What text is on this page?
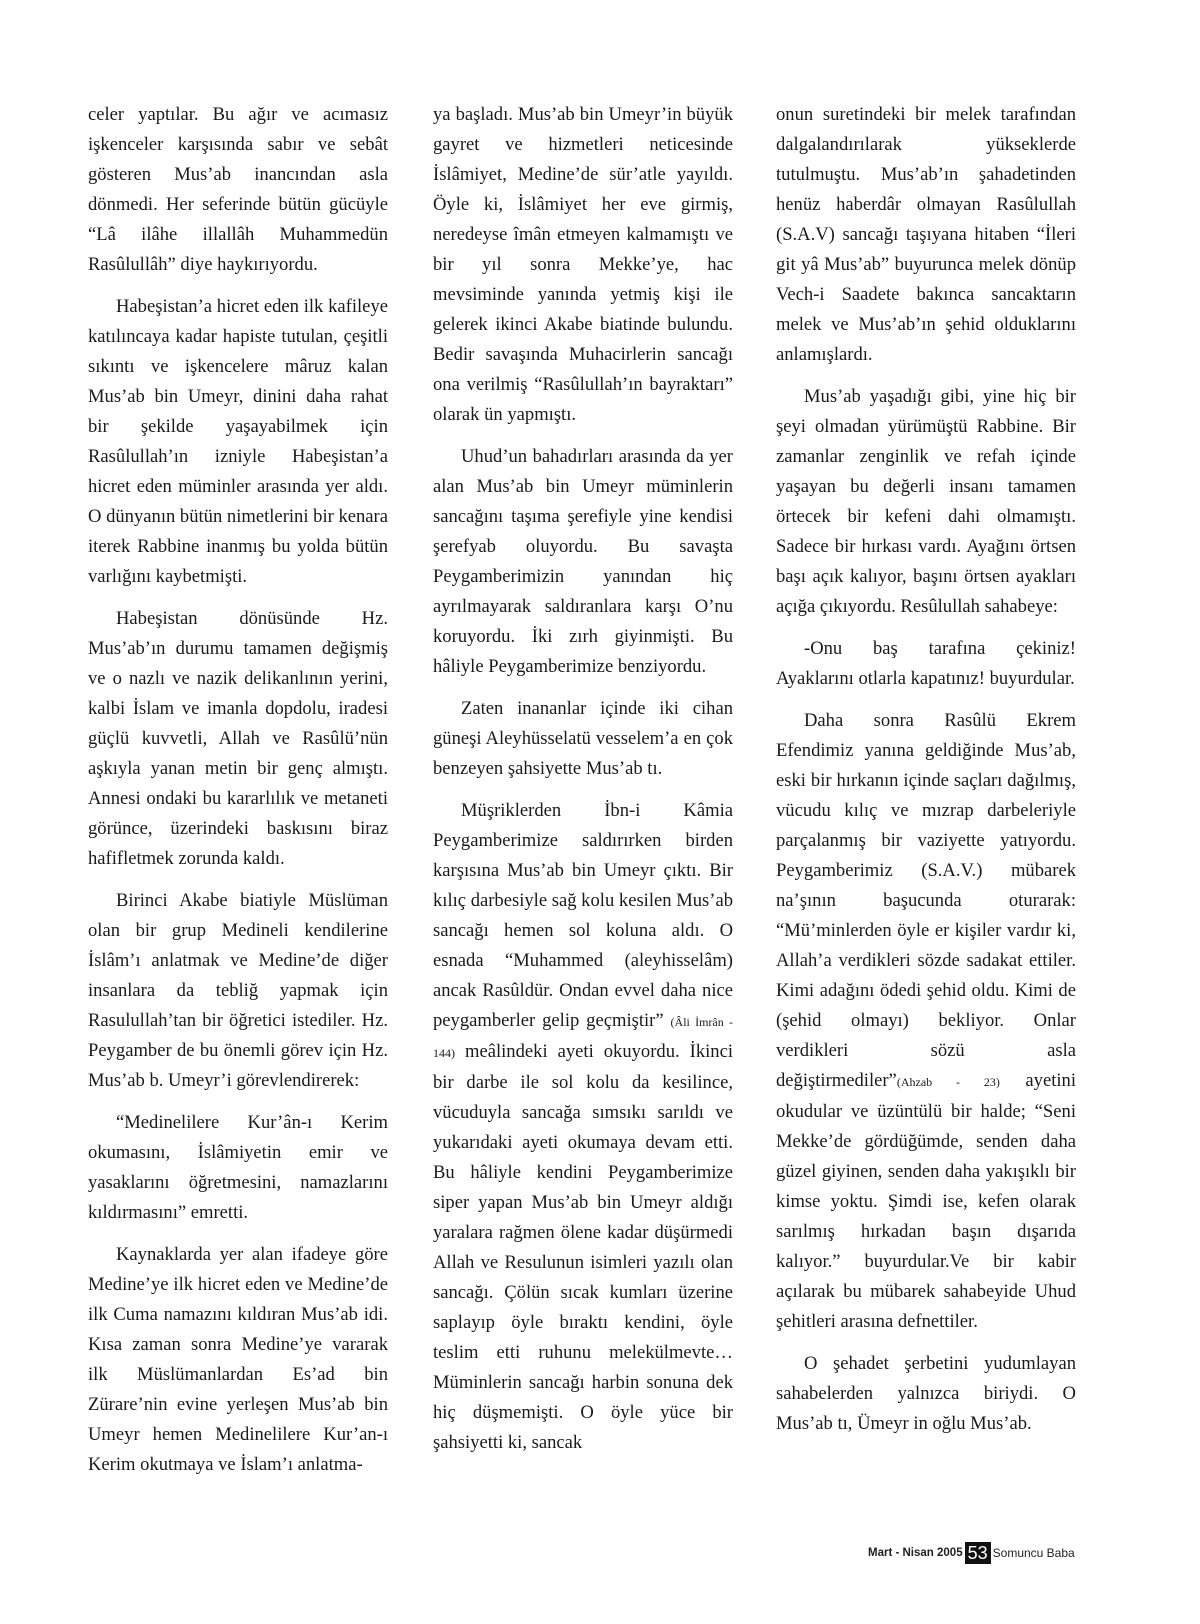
celer yaptılar. Bu ağır ve acımasız işkenceler karşısında sabır ve sebât gösteren Mus’ab inancından asla dönmedi. Her seferinde bütün gücüyle “Lâ ilâhe illallâh Muhammedün Rasûlullâh” diye haykırıyordu.

Habeşistan’a hicret eden ilk kafileye katılıncaya kadar hapiste tutulan, çeşitli sıkıntı ve işkencelere mâruz kalan Mus’ab bin Umeyr, dinini daha rahat bir şekilde yaşayabilmek için Rasûlullah’ın izniyle Habeşistan’a hicret eden müminler arasında yer aldı. O dünyanın bütün nimetlerini bir kenara iterek Rabbine inanmış bu yolda bütün varlığını kaybetmişti.

Habeşistan dönüsünde Hz. Mus’ab’ın durumu tamamen değişmiş ve o nazlı ve nazik delikanlının yerini, kalbi İslam ve imanla dopdolu, iradesi güçlü kuvvetli, Allah ve Rasûlü’nün aşkıyla yanan metin bir genç almıştı. Annesi ondaki bu kararlılık ve metaneti görünce, üzerindeki baskısını biraz hafifletmek zorunda kaldı.

Birinci Akabe biatiyle Müslüman olan bir grup Medineli kendilerine İslâm’ı anlatmak ve Medine’de diğer insanlara da tebliğ yapmak için Rasulullah’tan bir öğretici istediler. Hz. Peygamber de bu önemli görev için Hz. Mus’ab b. Umeyr’i görevlendirerek:

“Medinelilere Kur’ân-ı Kerim okumasını, İslâmiyetin emir ve yasaklarını öğretmesini, namazlarını kıldırmasını” emretti.

Kaynaklarda yer alan ifadeye göre Medine’ye ilk hicret eden ve Medine’de ilk Cuma namazını kıldıran Mus’ab idi. Kısa zaman sonra Medine’ye vararak ilk Müslümanlardan Es’ad bin Zürare’nin evine yerleşen Mus’ab bin Umeyr hemen Medinelilere Kur’an-ı Kerim okutmaya ve İslam’ı anlatma-

ya başladı. Mus’ab bin Umeyr’in büyük gayret ve hizmetleri neticesinde İslâmiyet, Medine’de sür’atle yayıldı. Öyle ki, İslâmiyet her eve girmiş, neredeyse îmân etmeyen kalmamıştı ve bir yıl sonra Mekke’ye, hac mevsiminde yanında yetmiş kişi ile gelerek ikinci Akabe biatinde bulundu. Bedir savaşında Muhacirlerin sancağı ona verilmiş “Rasûlullah’ın bayraktarı” olarak ün yapmıştı.

Uhud’un bahadırları arasında da yer alan Mus’ab bin Umeyr müminlerin sancağını taşıma şerefiyle yine kendisi şerefyab oluyordu. Bu savaşta Peygamberimizin yanından hiç ayrılmayarak saldıranlara karşı O’nu koruyordu. İki zırh giyinmişti. Bu hâliyle Peygamberimize benziyordu.

Zaten inananlar içinde iki cihan güneşi Aleyhüsselatü vesselem’a en çok benzeyen şahsiyette Mus’ab tı.

Müşriklerden İbn-i Kâmia Peygamberimize saldırırken birden karşısına Mus’ab bin Umeyr çıktı. Bir kılıç darbesiyle sağ kolu kesilen Mus’ab sancağı hemen sol koluna aldı. O esnada “Muhammed (aleyhisselâm) ancak Rasûldür. Ondan evvel daha nice peygamberler gelip geçmiştir” (Âli İmrân - 144) meâlindeki ayeti okuyordu. İkinci bir darbe ile sol kolu da kesilince, vücuduyla sancağa sımsıkı sarıldı ve yukarıdaki ayeti okumaya devam etti. Bu hâliyle kendini Peygamberimize siper yapan Mus’ab bin Umeyr aldığı yaralara rağmen ölene kadar düşürmedi Allah ve Resulunun isimleri yazılı olan sancağı. Çölün sıcak kumları üzerine saplayıp öyle bıraktı kendini, öyle teslim etti ruhunu melekülmevte… Müminlerin sancağı harbin sonuna dek hiç düşmemişti. O öyle yüce bir şahsiyetti ki, sancak

onun suretindeki bir melek tarafından dalgalandırılarak yükseklerde tutulmuştu. Mus’ab’ın şahadetinden henüz haberdâr olmayan Rasûlullah (S.A.V) sancağı taşıyana hitaben “İleri git yâ Mus’ab” buyurunca melek dönüp Vech-i Saadete bakınca sancaktarın melek ve Mus’ab’ın şehid olduklarını anlamışlardı.

Mus’ab yaşadığı gibi, yine hiç bir şeyi olmadan yürümüştü Rabbine. Bir zamanlar zenginlik ve refah içinde yaşayan bu değerli insanı tamamen örtecek bir kefeni dahi olmamıştı. Sadece bir hırkası vardı. Ayağını örtsen başı açık kalıyor, başını örtsen ayakları açığa çıkıyordu. Resûlullah sahabeye:

-Onu baş tarafına çekiniz! Ayaklarını otlarla kapatınız! buyurdular.

Daha sonra Rasûlü Ekrem Efendimiz yanına geldiğinde Mus’ab, eski bir hırkanın içinde saçları dağılmış, vücudu kılıç ve mızrap darbeleriyle parçalanmış bir vaziyette yatıyordu. Peygamberimiz (S.A.V.) mübarek na’şının başucunda oturarak: “Mü’minlerden öyle er kişiler vardır ki, Allah’a verdikleri sözde sadakat ettiler. Kimi adağını ödedi şehid oldu. Kimi de (şehid olmayı) bekliyor. Onlar verdikleri sözü asla değiştirmediler”(Ahzab - 23) ayetini okudular ve üzüntülü bir halde; “Seni Mekke’de gördüğümde, senden daha güzel giyinen, senden daha yakışıklı bir kimse yoktu. Şimdi ise, kefen olarak sarılmış hırkadan başın dışarıda kalıyor.” buyurdular.Ve bir kabir açılarak bu mübarek sahabeyide Uhud şehitleri arasına defnettiler.

O şehadet şerbetini yudumlayan sahabelerden yalnızca biriydi. O Mus’ab tı, Ümeyr in oğlu Mus’ab.

Mart - Nisan 2005 53 Somuncu Baba
